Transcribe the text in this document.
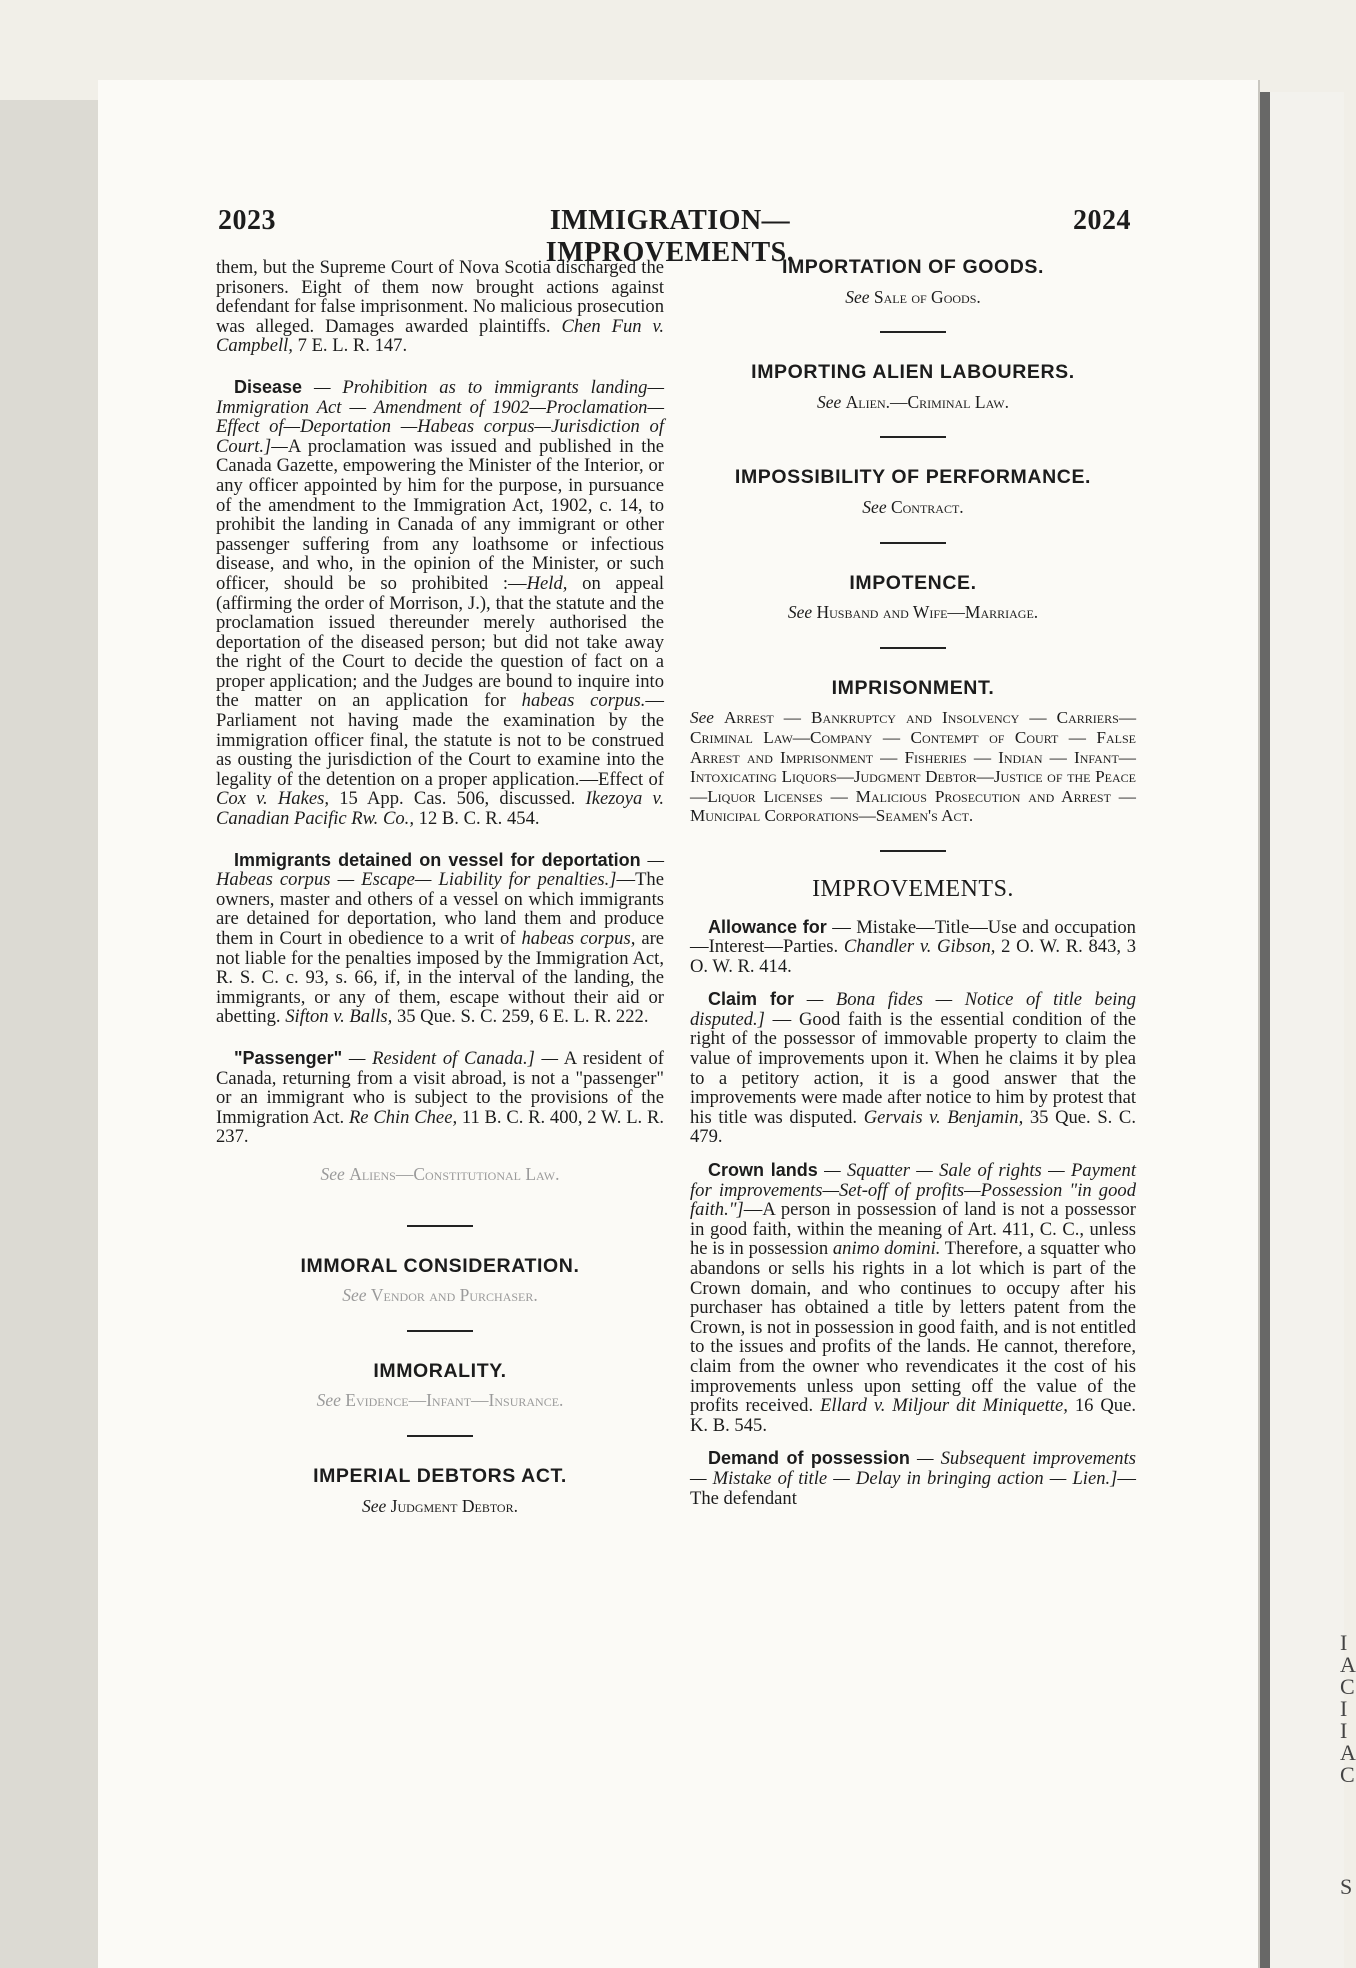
I
A
C
I
I
A
C
S
2023	IMMIGRATION—IMPROVEMENTS.
2024

them, but the Supreme Court of Nova Scotia discharged the prisoners. Eight of them now brought actions against defendant for false imprisonment. No malicious prosecution was alleged. Damages awarded plaintiffs. Chen Fun v. Campbell, 7 E. L. R. 147.

Disease — Prohibition as to immigrants landing—Immigration Act — Amendment of 1902—Proclamation—Effect of—Deportation —Habeas corpus—Jurisdiction of Court.]—A proclamation was issued and published in the Canada Gazette, empowering the Minister of the Interior, or any officer appointed by him for the purpose, in pursuance of the amendment to the Immigration Act, 1902, c. 14, to prohibit the landing in Canada of any immigrant or other passenger suffering from any loathsome or infectious disease, and who, in the opinion of the Minister, or such officer, should be so prohibited :—Held, on appeal (affirming the order of Morrison, J.), that the statute and the proclamation issued thereunder merely authorised the deportation of the diseased person; but did not take away the right of the Court to decide the question of fact on a proper application; and the Judges are bound to inquire into the matter on an application for habeas corpus.—Parliament not having made the examination by the immigration officer final, the statute is not to be construed as ousting the jurisdiction of the Court to examine into the legality of the detention on a proper application.—Effect of Cox v. Hakes, 15 App. Cas. 506, discussed. Ikezoya v. Canadian Pacific Rw. Co., 12 B. C. R. 454.

Immigrants detained on vessel for deportation — Habeas corpus — Escape— Liability for penalties.]—The owners, master and others of a vessel on which immigrants are detained for deportation, who land them and produce them in Court in obedience to a writ of habeas corpus, are not liable for the penalties imposed by the Immigration Act, R. S. C. c. 93, s. 66, if, in the interval of the landing, the immigrants, or any of them, escape without their aid or abetting. Sifton v. Balls, 35 Que. S. C. 259, 6 E. L. R. 222.

"Passenger" — Resident of Canada.] — A resident of Canada, returning from a visit abroad, is not a "passenger" or an immigrant who is subject to the provisions of the Immigration Act. Re Chin Chee, 11 B. C. R. 400, 2 W. L. R. 237.

See Aliens—Constitutional Law.

IMMORAL CONSIDERATION.

See Vendor and Purchaser.

IMMORALITY.

See Evidence—Infant—Insurance.

IMPERIAL DEBTORS ACT.

See Judgment Debtor.

IMPORTATION OF GOODS.

See Sale of Goods.

IMPORTING ALIEN LABOURERS.

See Alien.—Criminal Law.

IMPOSSIBILITY OF PERFORMANCE.

See Contract.

IMPOTENCE.

See Husband and Wife—Marriage.

IMPRISONMENT.

See Arrest — Bankruptcy and Insolvency — Carriers—Criminal Law—Company — Contempt of Court — False Arrest and Imprisonment — Fisheries — Indian — Infant—Intoxicating Liquors—Judgment Debtor—Justice of the Peace—Liquor Licenses — Malicious Prosecution and Arrest — Municipal Corporations—Seamen's Act.

IMPROVEMENTS.

Allowance for — Mistake—Title—Use and occupation—Interest—Parties. Chandler v. Gibson, 2 O. W. R. 843, 3 O. W. R. 414.

Claim for — Bona fides — Notice of title being disputed.] — Good faith is the essential condition of the right of the possessor of immovable property to claim the value of improvements upon it. When he claims it by plea to a petitory action, it is a good answer that the improvements were made after notice to him by protest that his title was disputed. Gervais v. Benjamin, 35 Que. S. C. 479.

Crown lands — Squatter — Sale of rights — Payment for improvements—Set-off of profits—Possession "in good faith."]—A person in possession of land is not a possessor in good faith, within the meaning of Art. 411, C. C., unless he is in possession animo domini. Therefore, a squatter who abandons or sells his rights in a lot which is part of the Crown domain, and who continues to occupy after his purchaser has obtained a title by letters patent from the Crown, is not in possession in good faith, and is not entitled to the issues and profits of the lands. He cannot, therefore, claim from the owner who revendicates it the cost of his improvements unless upon setting off the value of the profits received. Ellard v. Miljour dit Miniquette, 16 Que. K. B. 545.

Demand of possession — Subsequent improvements — Mistake of title — Delay in bringing action — Lien.]—The defendant
